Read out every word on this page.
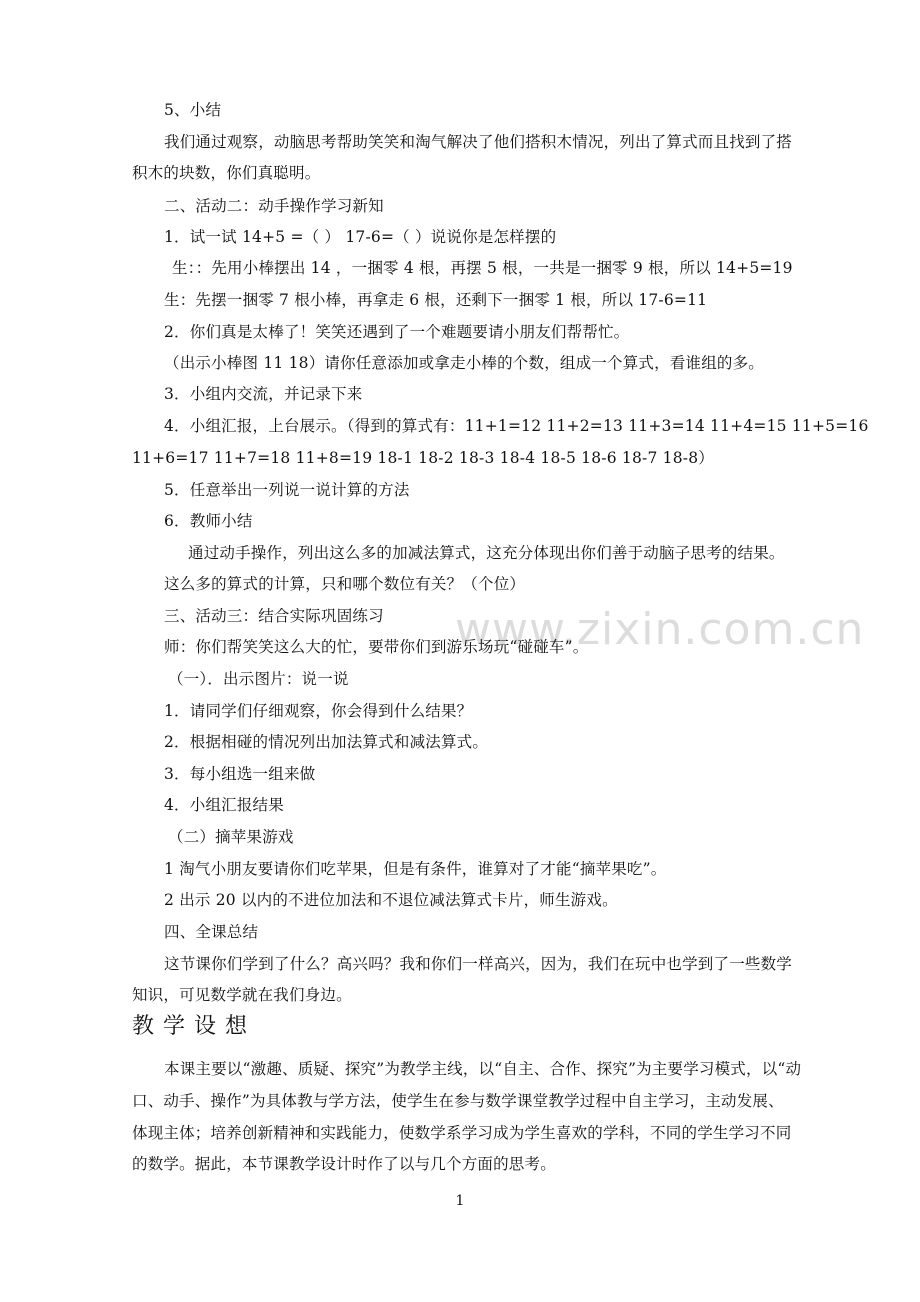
www.zixin.com.cn
5、小结
我们通过观察，动脑思考帮助笑笑和淘气解决了他们搭积木情况，列出了算式而且找到了搭
积木的块数，你们真聪明。
二、活动二：动手操作学习新知
1．试一试 14+5 =（ ） 17-6=（ ）说说你是怎样摆的
生：：先用小棒摆出 14 ，一捆零 4 根，再摆 5 根，一共是一捆零 9 根，所以 14+5=19
生：先摆一捆零 7 根小棒，再拿走 6 根，还剩下一捆零 1 根，所以 17-6=11
2．你们真是太棒了！笑笑还遇到了一个难题要请小朋友们帮帮忙。
（出示小棒图 11 18）请你任意添加或拿走小棒的个数，组成一个算式，看谁组的多。
3．小组内交流，并记录下来
4．小组汇报，上台展示。（得到的算式有：11+1=12 11+2=13 11+3=14 11+4=15 11+5=16
11+6=17 11+7=18 11+8=19 18-1 18-2 18-3 18-4 18-5 18-6 18-7 18-8）
5．任意举出一列说一说计算的方法
6．教师小结
通过动手操作，列出这么多的加减法算式，这充分体现出你们善于动脑子思考的结果。
这么多的算式的计算，只和哪个数位有关？（个位）
三、活动三：结合实际巩固练习
师：你们帮笑笑这么大的忙，要带你们到游乐场玩“碰碰车”。
（一）．出示图片：说一说
1．请同学们仔细观察，你会得到什么结果？
2．根据相碰的情况列出加法算式和减法算式。
3．每小组选一组来做
4．小组汇报结果
（二）摘苹果游戏
1 淘气小朋友要请你们吃苹果，但是有条件，谁算对了才能“摘苹果吃”。
2 出示 20 以内的不进位加法和不退位减法算式卡片，师生游戏。
四、全课总结
这节课你们学到了什么？高兴吗？我和你们一样高兴，因为，我们在玩中也学到了一些数学
知识，可见数学就在我们身边。
教学设想
本课主要以“激趣、质疑、探究”为教学主线，以“自主、合作、探究”为主要学习模式，以“动
口、动手、操作”为具体教与学方法，使学生在参与数学课堂教学过程中自主学习，主动发展、
体现主体；培养创新精神和实践能力，使数学系学习成为学生喜欢的学科，不同的学生学习不同
的数学。据此，本节课教学设计时作了以与几个方面的思考。
1
